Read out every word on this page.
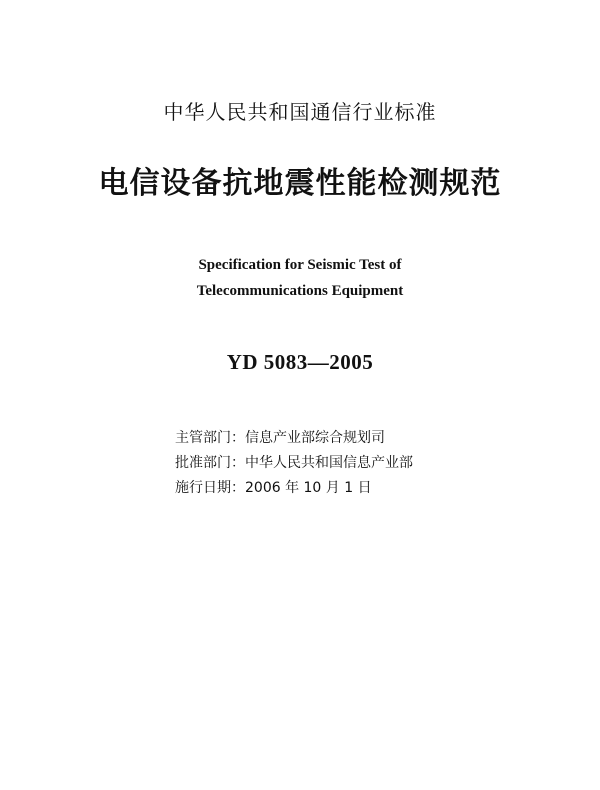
中华人民共和国通信行业标准
电信设备抗地震性能检测规范
Specification for Seismic Test of
Telecommunications Equipment
YD 5083—2005
主管部门：信息产业部综合规划司
批准部门：中华人民共和国信息产业部
施行日期：2006 年 10 月 1 日
